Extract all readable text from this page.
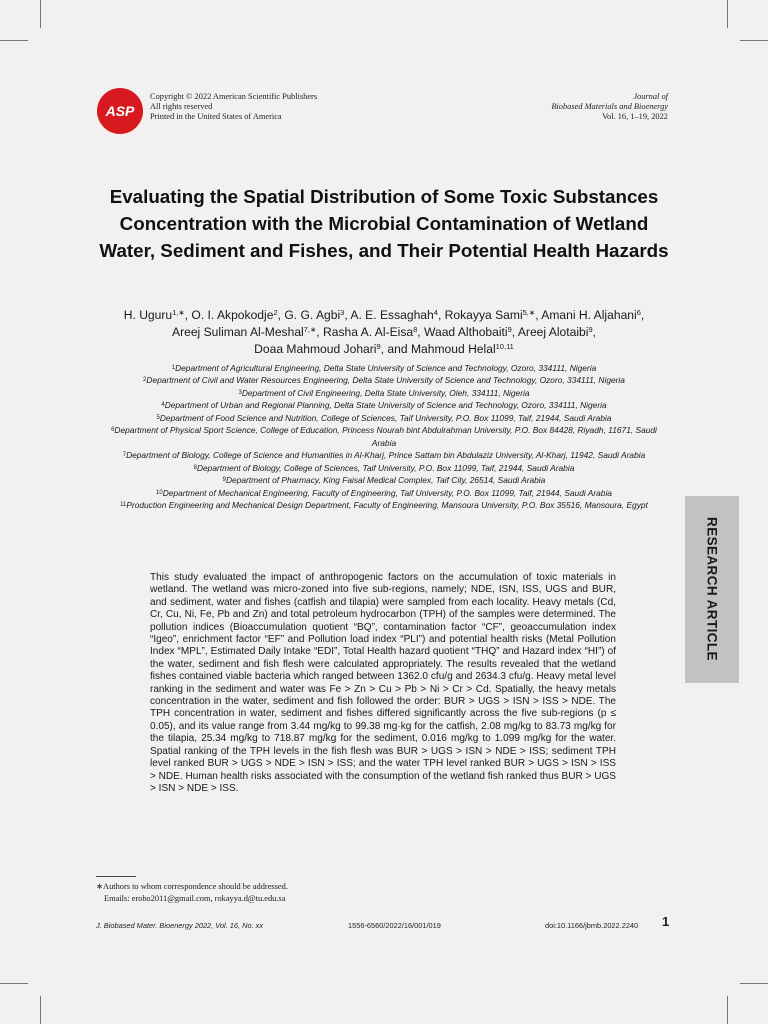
ASP
Copyright © 2022 American Scientific Publishers
All rights reserved
Printed in the United States of America
Journal of
Biobased Materials and Bioenergy
Vol. 16, 1–19, 2022
Evaluating the Spatial Distribution of Some Toxic Substances Concentration with the Microbial Contamination of Wetland Water, Sediment and Fishes, and Their Potential Health Hazards
H. Uguru$^{1,∗}$, O. I. Akpokodje$^2$, G. G. Agbi$^3$, A. E. Essaghah$^4$, Rokayya Sami$^{5,∗}$, Amani H. Aljahani$^6$,
Areej Suliman Al-Meshal$^{7,∗}$, Rasha A. Al-Eisa$^8$, Waad Althobaiti$^9$, Areej Alotaibi$^9$,
Doaa Mahmoud Johari$^9$, and Mahmoud Helal$^{10,11}$
$^1$Department of Agricultural Engineering, Delta State University of Science and Technology, Ozoro, 334111, Nigeria
$^2$Department of Civil and Water Resources Engineering, Delta State University of Science and Technology, Ozoro, 334111, Nigeria
$^3$Department of Civil Engineering, Delta State University, Oleh, 334111, Nigeria
$^4$Department of Urban and Regional Planning, Delta State University of Science and Technology, Ozoro, 334111, Nigeria
$^5$Department of Food Science and Nutrition, College of Sciences, Taif University, P.O. Box 11099, Taif, 21944, Saudi Arabia
$^6$Department of Physical Sport Science, College of Education, Princess Nourah bint Abdulrahman University, P.O. Box 84428, Riyadh, 11671, Saudi Arabia
$^7$Department of Biology, College of Science and Humanities in Al-Kharj, Prince Sattam bin Abdulaziz University, Al-Kharj, 11942, Saudi Arabia
$^8$Department of Biology, College of Sciences, Taif University, P.O. Box 11099, Taif, 21944, Saudi Arabia
$^9$Department of Pharmacy, King Faisal Medical Complex, Taif City, 26514, Saudi Arabia
$^{10}$Department of Mechanical Engineering, Faculty of Engineering, Taif University, P.O. Box 11099, Taif, 21944, Saudi Arabia
$^{11}$Production Engineering and Mechanical Design Department, Faculty of Engineering, Mansoura University, P.O. Box 35516, Mansoura, Egypt
This study evaluated the impact of anthropogenic factors on the accumulation of toxic materials in wetland. The wetland was micro-zoned into five sub-regions, namely; NDE, ISN, ISS, UGS and BUR, and sediment, water and fishes (catfish and tilapia) were sampled from each locality. Heavy metals (Cd, Cr, Cu, Ni, Fe, Pb and Zn) and total petroleum hydrocarbon (TPH) of the samples were determined. The pollution indices (Bioaccumulation quotient “BQ”, contamination factor “CF”, geoaccumulation index “Igeo”, enrichment factor “EF” and Pollution load index “PLI”) and potential health risks (Metal Pollution Index “MPL”, Estimated Daily Intake “EDI”, Total Health hazard quotient “THQ” and Hazard index “HI”) of the water, sediment and fish flesh were calculated appropriately. The results revealed that the wetland fishes contained viable bacteria which ranged between 1362.0 cfu/g and 2634.3 cfu/g. Heavy metal level ranking in the sediment and water was Fe > Zn > Cu > Pb > Ni > Cr > Cd. Spatially, the heavy metals concentration in the water, sediment and fish followed the order: BUR > UGS > ISN > ISS > NDE. The TPH concentration in water, sediment and fishes differed significantly across the five sub-regions (p ≤ 0.05), and its value range from 3.44 mg/kg to 99.38 mg·kg for the catfish, 2.08 mg/kg to 83.73 mg/kg for the tilapia, 25.34 mg/kg to 718.87 mg/kg for the sediment, 0.016 mg/kg to 1.099 mg/kg for the water. Spatial ranking of the TPH levels in the fish flesh was BUR > UGS > ISN > NDE > ISS; sediment TPH level ranked BUR > UGS > NDE > ISN > ISS; and the water TPH level ranked BUR > UGS > ISN > ISS > NDE. Human health risks associated with the consumption of the wetland fish ranked thus BUR > UGS > ISN > NDE > ISS.
∗Authors to whom correspondence should be addressed.
Emails: erobo2011@gmail.com, rokayya.d@tu.edu.sa
J. Biobased Mater. Bioenergy 2022, Vol. 16, No. xx	1556-6560/2022/16/001/019	doi:10.1166/jbmb.2022.2240 1
RESEARCH ARTICLE
